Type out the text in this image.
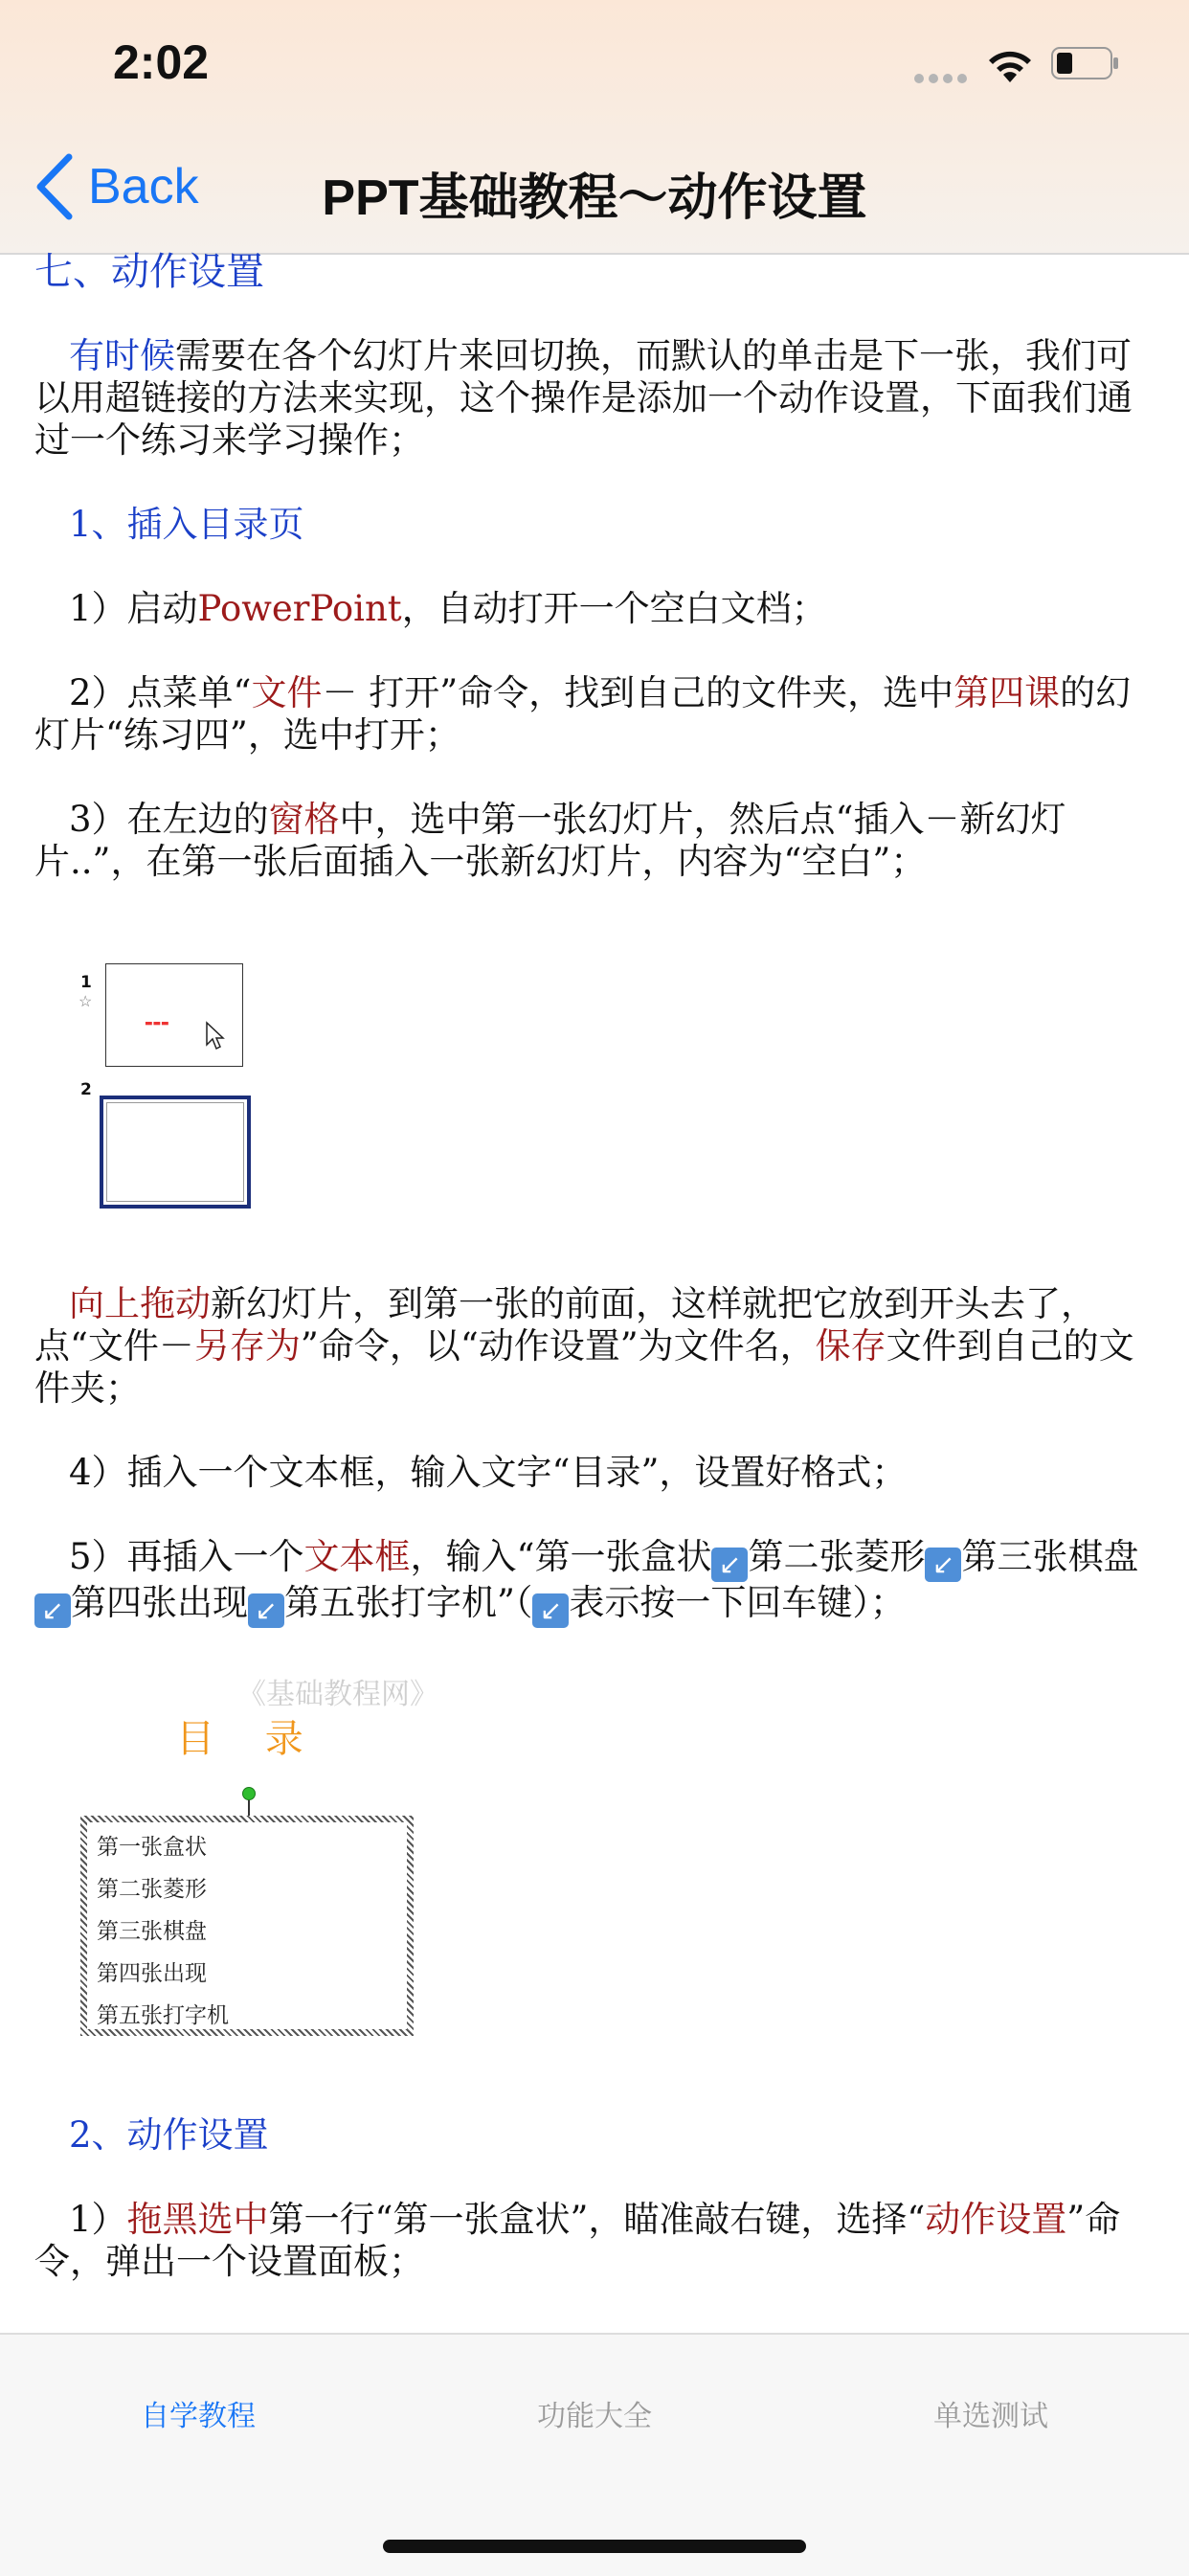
2:02
Back	PPT基础教程～动作设置
七、动作设置

有时候需要在各个幻灯片来回切换，而默认的单击是下一张，我们可以用超链接的方法来实现，这个操作是添加一个动作设置，下面我们通过一个练习来学习操作；

1、插入目录页

1）启动PowerPoint，自动打开一个空白文档；

2）点菜单“文件－ 打开”命令，找到自己的文件夹，选中第四课的幻灯片“练习四”，选中打开；

3）在左边的窗格中，选中第一张幻灯片，然后点“插入－新幻灯片..”，在第一张后面插入一张新幻灯片，内容为“空白”；

1
☆
▬▬▬
2

向上拖动新幻灯片，到第一张的前面，这样就把它放到开头去了，点“文件－另存为”命令，以“动作设置”为文件名，保存文件到自己的文件夹；

4）插入一个文本框，输入文字“目录”，设置好格式；

5）再插入一个文本框，输入“第一张盒状 ↙ 第二张菱形 ↙ 第三张棋盘↙ 第四张出现 ↙ 第五张打字机”（ ↙ 表示按一下回车键）；

《基础教程网》
目 录
第一张盒状
第二张菱形
第三张棋盘
第四张出现
第五张打字机
2、动作设置

1）拖黑选中第一行“第一张盒状”，瞄准敲右键，选择“动作设置”命令，弹出一个设置面板；

自学教程	功能大全	单选测试
